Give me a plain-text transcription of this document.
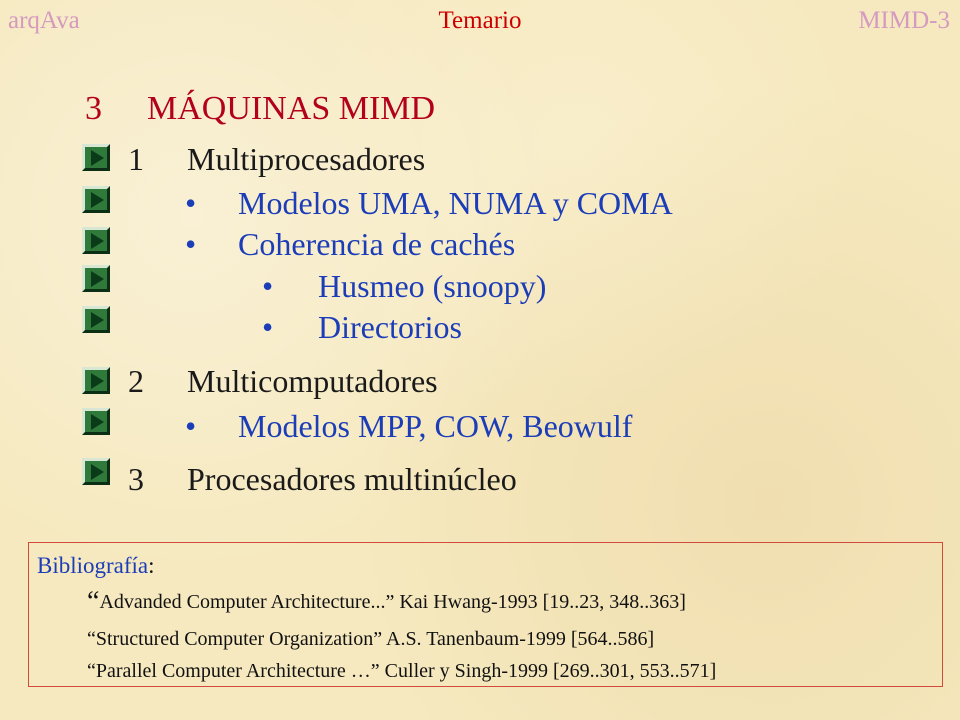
arqAva	Temario	MIMD-3
3 MÁQUINAS MIMD
1 Multiprocesadores
• Modelos UMA, NUMA y COMA
• Coherencia de cachés
• Husmeo (snoopy)
• Directorios
2 Multicomputadores
• Modelos MPP, COW, Beowulf
3 Procesadores multinúcleo
Bibliografía:
“Advanded Computer Architecture...” Kai Hwang-1993 [19..23, 348..363]
“Structured Computer Organization” A.S. Tanenbaum-1999 [564..586]
“Parallel Computer Architecture …” Culler y Singh-1999 [269..301, 553..571]
